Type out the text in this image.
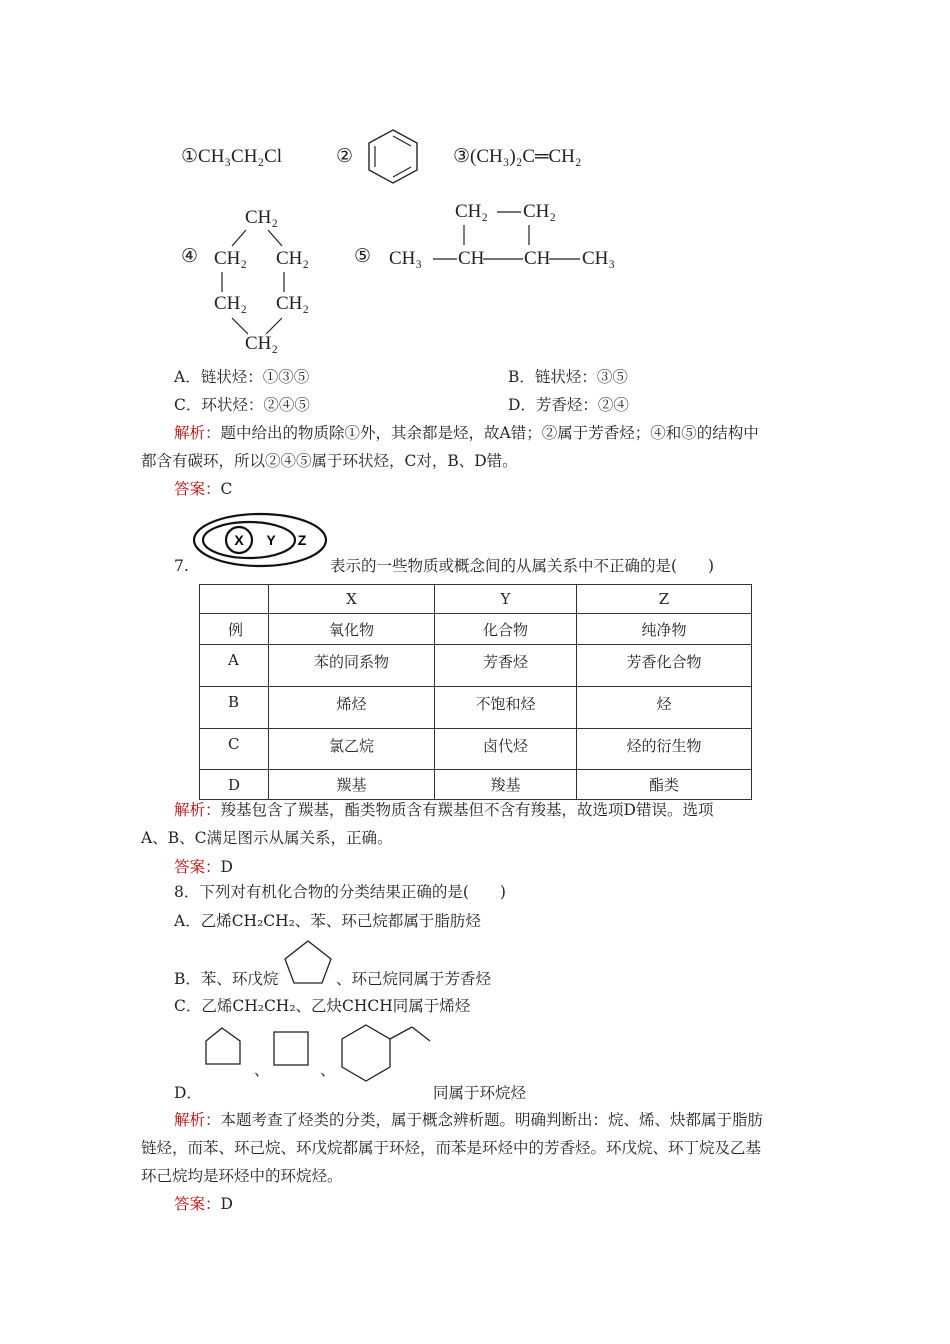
①CH₃CH₂Cl	②	③(CH₃)₂C═CH₂
④
CH₂
CH₂ CH₂
CH₂ CH₂
CH₂
⑤
CH₂ CH₂
CH₃ CH CH CH₃
A．链状烃：①③⑤	B．链状烃：③⑤
C．环状烃：②④⑤	D．芳香烃：②④
解析：题中给出的物质除①外，其余都是烃，故A错；②属于芳香烃；④和⑤的结构中
都含有碳环，所以②④⑤属于环状烃，C对，B、D错。
答案：C
X Y Z
7.	表示的一些物质或概念间的从属关系中不正确的是(　　)
	X	Y	Z
例	氧化物	化合物	纯净物
A	苯的同系物	芳香烃	芳香化合物
B	烯烃	不饱和烃	烃
C	氯乙烷	卤代烃	烃的衍生物
D	羰基	羧基	酯类
解析：羧基包含了羰基，酯类物质含有羰基但不含有羧基，故选项D错误。选项
A、B、C满足图示从属关系，正确。
答案：D
8．下列对有机化合物的分类结果正确的是(　　)
A．乙烯CH₂CH₂、苯、环己烷都属于脂肪烃
B．苯、环戊烷	、环己烷同属于芳香烃
C．乙烯CH₂CH₂、乙炔CHCH同属于烯烃
、	、
D．	同属于环烷烃
解析：本题考查了烃类的分类，属于概念辨析题。明确判断出：烷、烯、炔都属于脂肪
链烃，而苯、环己烷、环戊烷都属于环烃，而苯是环烃中的芳香烃。环戊烷、环丁烷及乙基
环己烷均是环烃中的环烷烃。
答案：D
